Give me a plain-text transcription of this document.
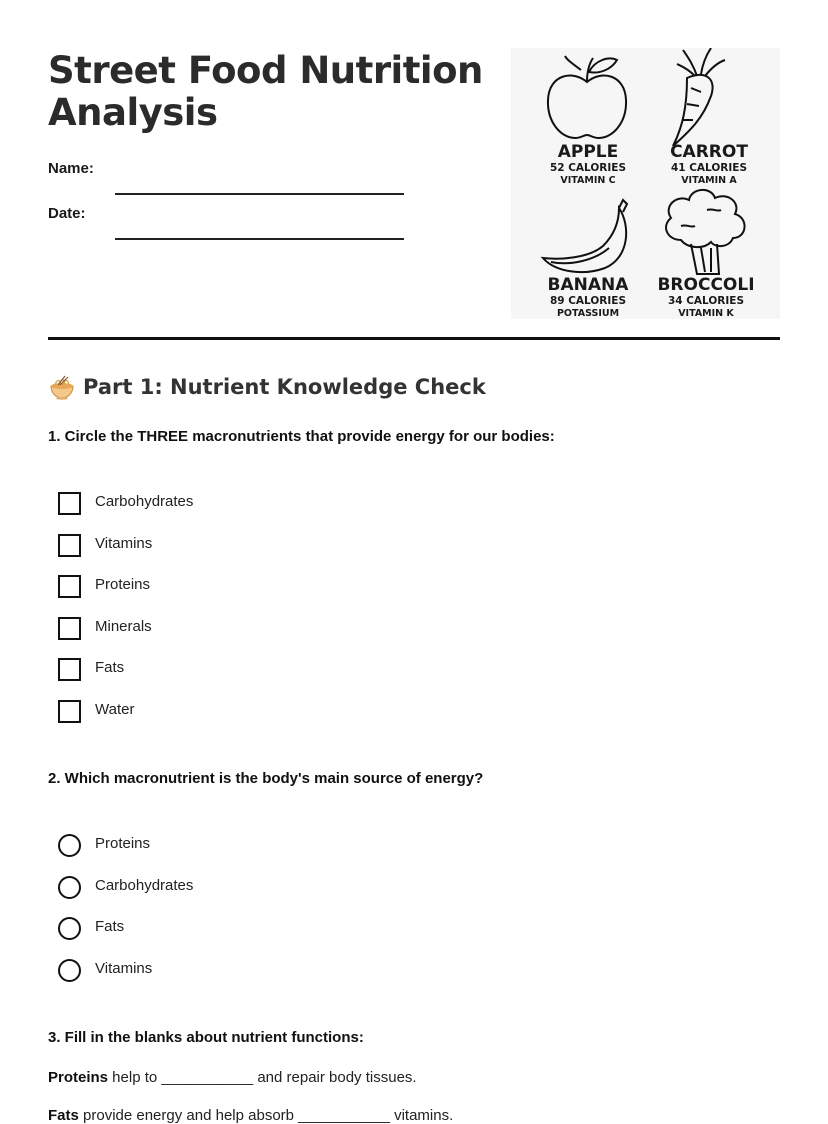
Street Food Nutrition Analysis
Name:
Date:
APPLE
52 CALORIES
VITAMIN C
CARROT
41 CALORIES
VITAMIN A
BANANA
89 CALORIES
POTASSIUM
BROCCOLI
34 CALORIES
VITAMIN K
Part 1: Nutrient Knowledge Check

1. Circle the THREE macronutrients that provide energy for our bodies:

Carbohydrates
Vitamins
Proteins
Minerals
Fats
Water

2. Which macronutrient is the body's main source of energy?

Proteins
Carbohydrates
Fats
Vitamins

3. Fill in the blanks about nutrient functions:

Proteins help to ___________ and repair body tissues.

Fats provide energy and help absorb ___________ vitamins.
